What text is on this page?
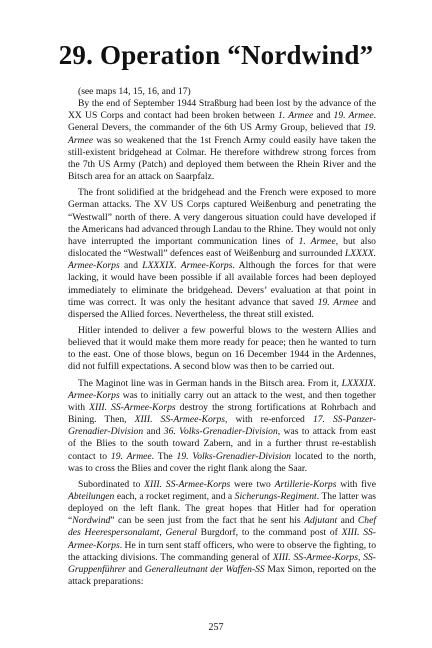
29. Operation “Nordwind”

(see maps 14, 15, 16, and 17)

By the end of September 1944 Straßburg had been lost by the advance of the XX US Corps and contact had been broken between 1. Armee and 19. Armee. General Devers, the commander of the 6th US Army Group, believed that 19. Armee was so weakened that the 1st French Army could easily have taken the still-existent bridgehead at Colmar. He therefore withdrew strong forces from the 7th US Army (Patch) and deployed them between the Rhein River and the Bitsch area for an attack on Saarpfalz.

The front solidified at the bridgehead and the French were exposed to more German attacks. The XV US Corps captured Weißenburg and penetrating the “Westwall” north of there. A very dangerous situation could have developed if the Americans had advanced through Landau to the Rhine. They would not only have interrupted the important communication lines of 1. Armee, but also dislocated the “Westwall” defences east of Weißenburg and surrounded LXXXX. Armee-Korps and LXXXIX. Armee-Korps. Although the forces for that were lacking, it would have been possible if all available forces had been deployed immediately to eliminate the bridgehead. Devers’ evaluation at that point in time was correct. It was only the hesitant advance that saved 19. Armee and dispersed the Allied forces. Nevertheless, the threat still existed.

Hitler intended to deliver a few powerful blows to the western Allies and believed that it would make them more ready for peace; then he wanted to turn to the east. One of those blows, begun on 16 December 1944 in the Ardennes, did not fulfill expectations. A second blow was then to be carried out.

The Maginot line was in German hands in the Bitsch area. From it, LXXXIX. Armee-Korps was to initially carry out an attack to the west, and then together with XIII. SS-Armee-Korps destroy the strong fortifications at Rohrbach and Bining. Then, XIII. SS-Armee-Korps, with re-enforced 17. SS-Panzer-Grenadier-Division and 36. Volks-Grenadier-Division, was to attack from east of the Blies to the south toward Zabern, and in a further thrust re-establish contact to 19. Armee. The 19. Volks-Grenadier-Division located to the north, was to cross the Blies and cover the right flank along the Saar.

Subordinated to XIII. SS-Armee-Korps were two Artillerie-Korps with five Abteilungen each, a rocket regiment, and a Sicherungs-Regiment. The latter was deployed on the left flank. The great hopes that Hitler had for operation “Nordwind” can be seen just from the fact that he sent his Adjutant and Chef des Heerespersonalamt, General Burgdorf, to the command post of XIII. SS-Armee-Korps. He in turn sent staff officers, who were to observe the fighting, to the attacking divisions. The commanding general of XIII. SS-Armee-Korps, SS-Gruppenführer and Generalleutnant der Waffen-SS Max Simon, reported on the attack preparations:

257
